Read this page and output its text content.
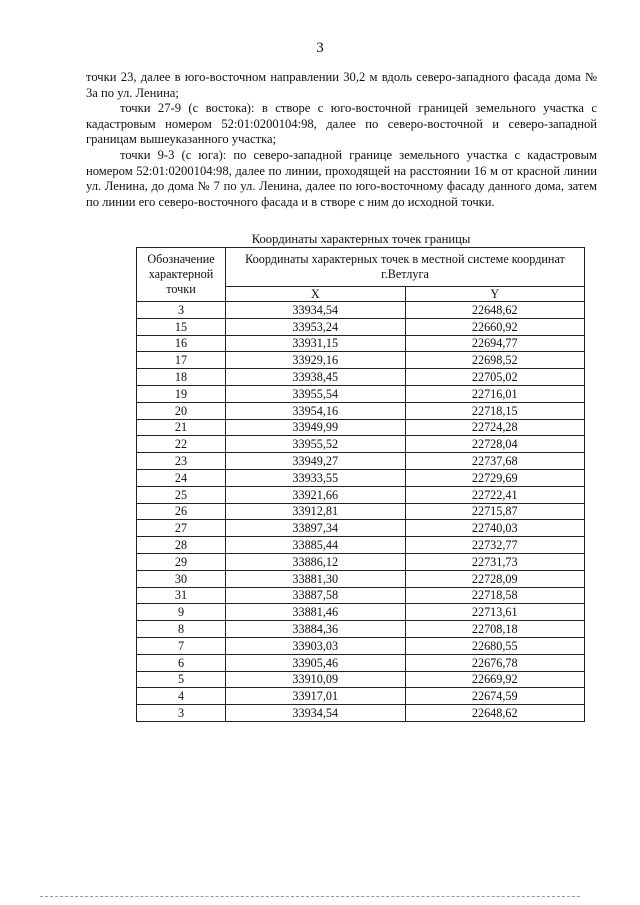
3

точки 23, далее в юго-восточном направлении 30,2 м вдоль северо-западного фасада дома № 3а по ул. Ленина;

точки 27-9 (с востока): в створе с юго-восточной границей земельного участка с кадастровым номером 52:01:0200104:98, далее по северо-восточной и северо-западной границам вышеуказанного участка;

точки 9-3 (с юга): по северо-западной границе земельного участка с кадастровым номером 52:01:0200104:98, далее по линии, проходящей на расстоянии 16 м от красной линии ул. Ленина, до дома № 7 по ул. Ленина, далее по юго-восточному фасаду данного дома, затем по линии его северо-восточного фасада и в створе с ним до исходной точки.

Координаты характерных точек границы
Обозначение характерной точки	Координаты характерных точек в местной системе координат г.Ветлуга	
	X	Y
3	33934,54	22648,62
15	33953,24	22660,92
16	33931,15	22694,77
17	33929,16	22698,52
18	33938,45	22705,02
19	33955,54	22716,01
20	33954,16	22718,15
21	33949,99	22724,28
22	33955,52	22728,04
23	33949,27	22737,68
24	33933,55	22729,69
25	33921,66	22722,41
26	33912,81	22715,87
27	33897,34	22740,03
28	33885,44	22732,77
29	33886,12	22731,73
30	33881,30	22728,09
31	33887,58	22718,58
9	33881,46	22713,61
8	33884,36	22708,18
7	33903,03	22680,55
6	33905,46	22676,78
5	33910,09	22669,92
4	33917,01	22674,59
3	33934,54	22648,62
